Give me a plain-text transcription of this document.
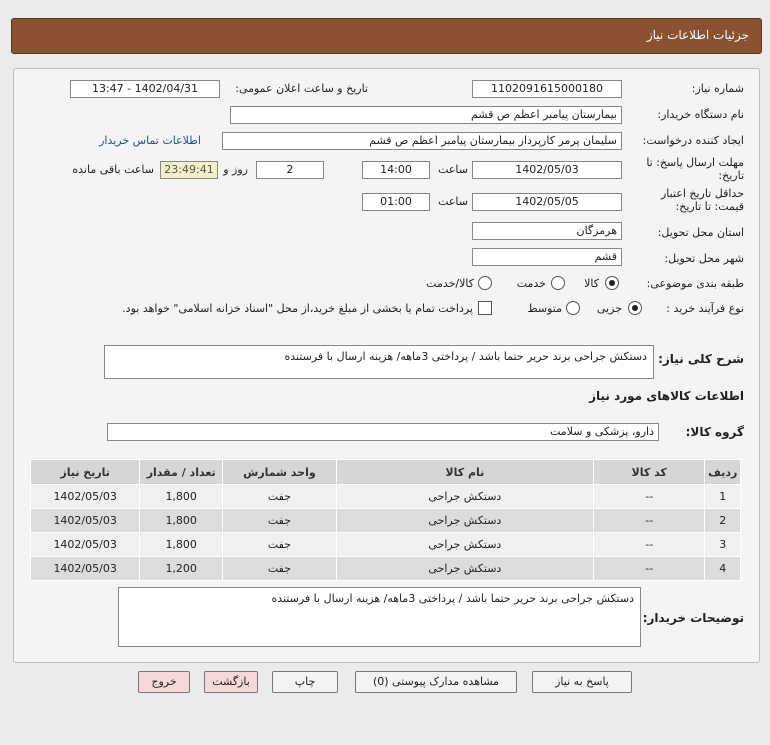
جزئیات اطلاعات نیاز
شماره نیاز:
1102091615000180
تاریخ و ساعت اعلان عمومی:
1402/04/31 - 13:47
نام دستگاه خریدار:
بیمارستان پیامبر اعظم ص قشم
ایجاد کننده درخواست:
سلیمان پرمر کارپرداز بیمارستان پیامبر اعظم ص قشم
اطلاعات تماس خریدار
مهلت ارسال پاسخ: تا
تاریخ:
1402/05/03
ساعت
14:00
2
روز و
23:49:41
ساعت باقی مانده
حداقل تاریخ اعتبار
قیمت: تا تاریخ:
1402/05/05
ساعت
01:00
استان محل تحویل:
هرمزگان
شهر محل تحویل:
قشم
طبقه بندی موضوعی:
کالا
خدمت
کالا/خدمت
نوع فرآیند خرید :
جزیی
متوسط
پرداخت تمام یا بخشی از مبلغ خرید،از محل "اسناد خزانه اسلامی" خواهد بود.
شرح کلی نیاز:
دستکش جراحی برند حریر حتما باشد / پرداختی 3ماهه/ هزینه ارسال با فرستنده
اطلاعات کالاهای مورد نیاز
گروه کالا:
دارو، پزشکی و سلامت
ردیف	کد کالا	نام کالا	واحد شمارش	تعداد / مقدار	تاریخ نیاز
1	--	دستکش جراحی	جفت	1,800	1402/05/03
2	--	دستکش جراحی	جفت	1,800	1402/05/03
3	--	دستکش جراحی	جفت	1,800	1402/05/03
4	--	دستکش جراحی	جفت	1,200	1402/05/03
توضیحات خریدار:
دستکش جراحی برند حریر حتما باشد / پرداختی 3ماهه/ هزینه ارسال با فرستنده
پاسخ به نیاز
مشاهده مدارک پیوستی (0)
چاپ
بازگشت
خروج
